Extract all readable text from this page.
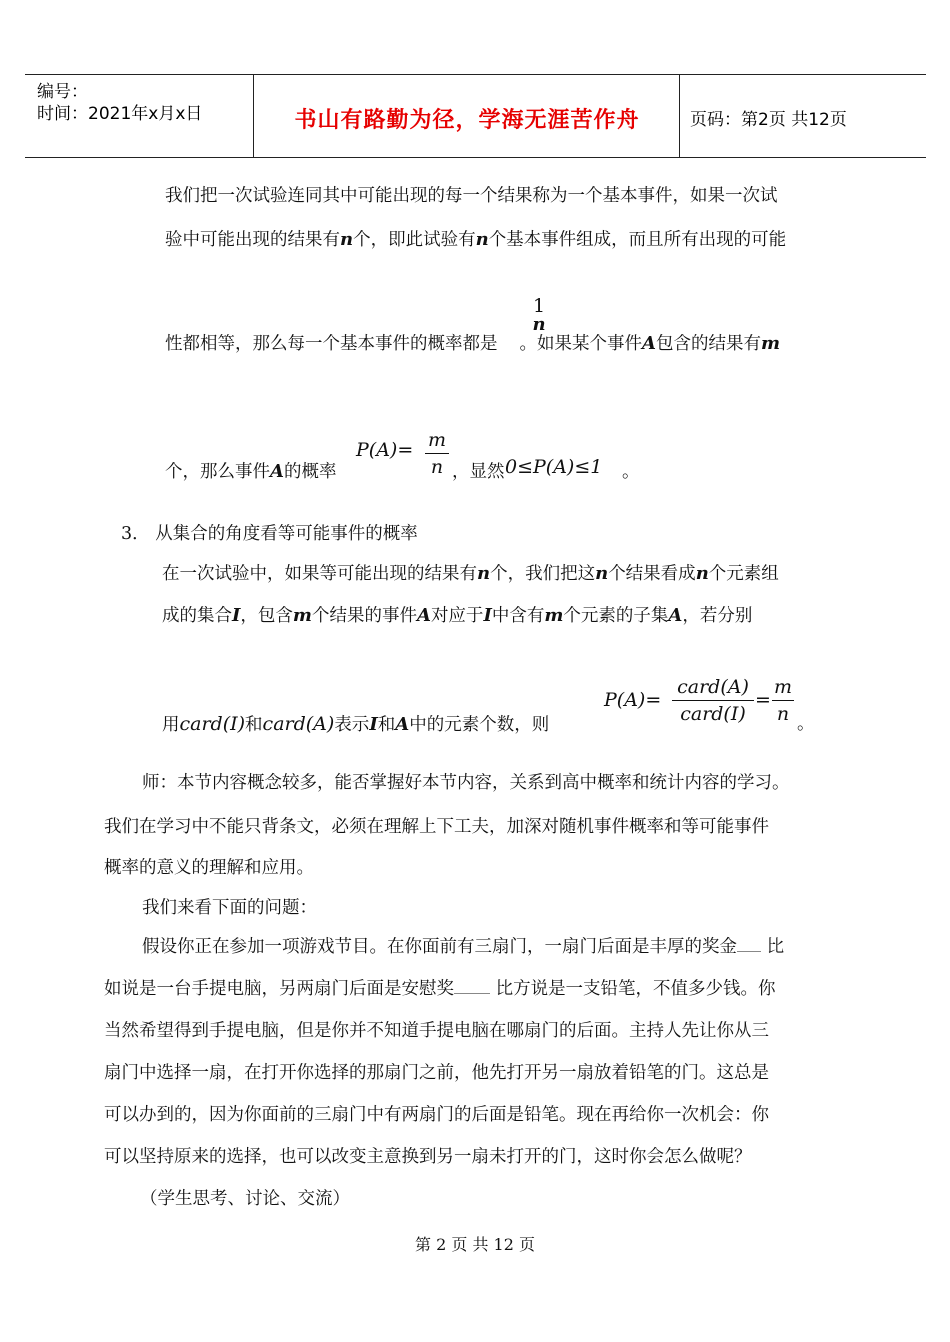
编号：
时间：2021年x月x日	书山有路勤为径，学海无涯苦作舟	页码：第2页 共12页
我们把一次试验连同其中可能出现的每一个结果称为一个基本事件，如果一次试
验中可能出现的结果有n个，即此试验有n个基本事件组成，而且所有出现的可能
1
n
性都相等，那么每一个基本事件的概率都是 。如果某个事件A包含的结果有m
个，那么事件A的概率
P(A)= m
n ，显然 0≤P(A)≤1 。
3． 从集合的角度看等可能事件的概率
在一次试验中，如果等可能出现的结果有n个，我们把这n个结果看成n个元素组
成的集合I，包含m个结果的事件A对应于I中含有m个元素的子集A，若分别
用card(I)和card(A)表示I和A中的元素个数，则
P(A)=
card(A)
card(I)
=
m
n 。
师：本节内容概念较多，能否掌握好本节内容，关系到高中概率和统计内容的学习。
我们在学习中不能只背条文，必须在理解上下工夫，加深对随机事件概率和等可能事件
概率的意义的理解和应用。
我们来看下面的问题：
假设你正在参加一项游戏节目。在你面前有三扇门，一扇门后面是丰厚的奖金 比
如说是一台手提电脑，另两扇门后面是安慰奖 比方说是一支铅笔，不值多少钱。你
当然希望得到手提电脑，但是你并不知道手提电脑在哪扇门的后面。主持人先让你从三
扇门中选择一扇，在打开你选择的那扇门之前，他先打开另一扇放着铅笔的门。这总是
可以办到的，因为你面前的三扇门中有两扇门的后面是铅笔。现在再给你一次机会：你
可以坚持原来的选择，也可以改变主意换到另一扇未打开的门，这时你会怎么做呢？
（学生思考、讨论、交流）
第 2 页 共 12 页
